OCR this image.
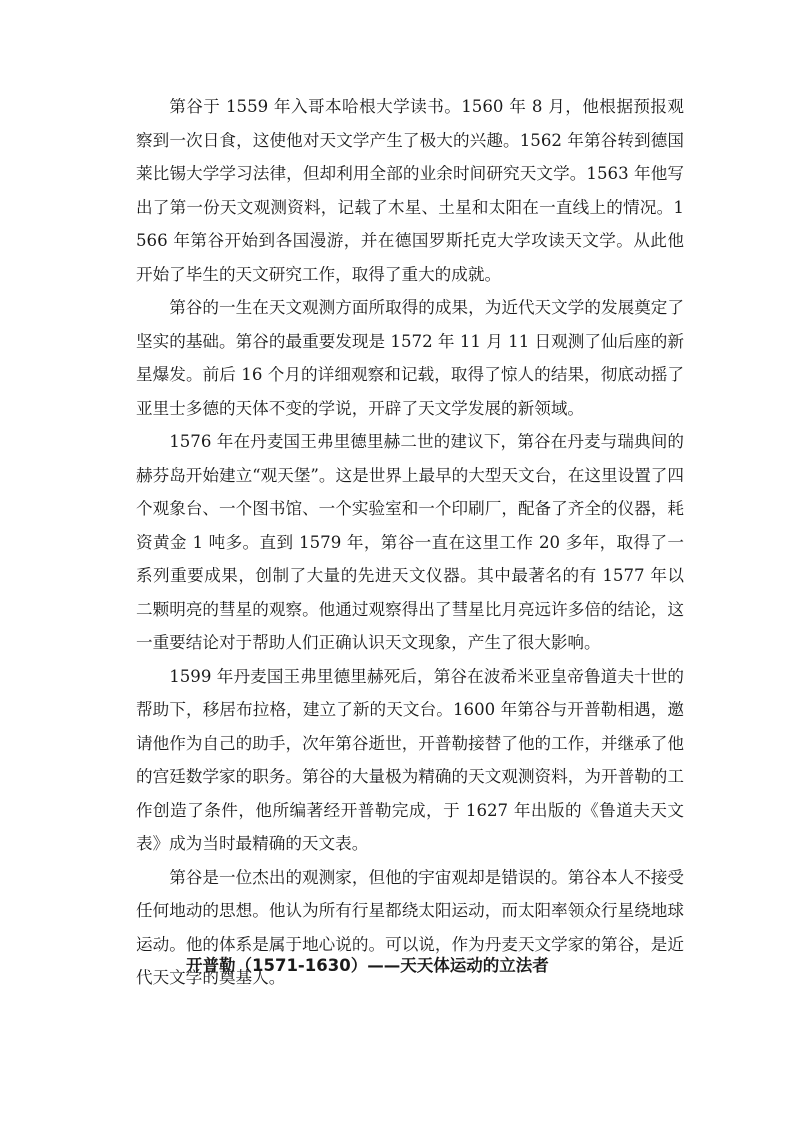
第谷于 1559 年入哥本哈根大学读书。1560 年 8 月，他根据预报观察到一次日食，这使他对天文学产生了极大的兴趣。1562 年第谷转到德国莱比锡大学学习法律，但却利用全部的业余时间研究天文学。1563 年他写出了第一份天文观测资料，记载了木星、土星和太阳在一直线上的情况。1566 年第谷开始到各国漫游，并在德国罗斯托克大学攻读天文学。从此他开始了毕生的天文研究工作，取得了重大的成就。

第谷的一生在天文观测方面所取得的成果，为近代天文学的发展奠定了坚实的基础。第谷的最重要发现是 1572 年 11 月 11 日观测了仙后座的新星爆发。前后 16 个月的详细观察和记载，取得了惊人的结果，彻底动摇了亚里士多德的天体不变的学说，开辟了天文学发展的新领域。

1576 年在丹麦国王弗里德里赫二世的建议下，第谷在丹麦与瑞典间的赫芬岛开始建立“观天堡”。这是世界上最早的大型天文台，在这里设置了四个观象台、一个图书馆、一个实验室和一个印刷厂，配备了齐全的仪器，耗资黄金 1 吨多。直到 1579 年，第谷一直在这里工作 20 多年，取得了一系列重要成果，创制了大量的先进天文仪器。其中最著名的有 1577 年以二颗明亮的彗星的观察。他通过观察得出了彗星比月亮远许多倍的结论，这一重要结论对于帮助人们正确认识天文现象，产生了很大影响。

1599 年丹麦国王弗里德里赫死后，第谷在波希米亚皇帝鲁道夫十世的帮助下，移居布拉格，建立了新的天文台。1600 年第谷与开普勒相遇，邀请他作为自己的助手，次年第谷逝世，开普勒接替了他的工作，并继承了他的宫廷数学家的职务。第谷的大量极为精确的天文观测资料，为开普勒的工作创造了条件，他所编著经开普勒完成，于 1627 年出版的《鲁道夫天文表》成为当时最精确的天文表。

第谷是一位杰出的观测家，但他的宇宙观却是错误的。第谷本人不接受任何地动的思想。他认为所有行星都绕太阳运动，而太阳率领众行星绕地球运动。他的体系是属于地心说的。可以说，作为丹麦天文学家的第谷，是近代天文学的奠基人。

开普勒（1571-1630）——天天体运动的立法者
